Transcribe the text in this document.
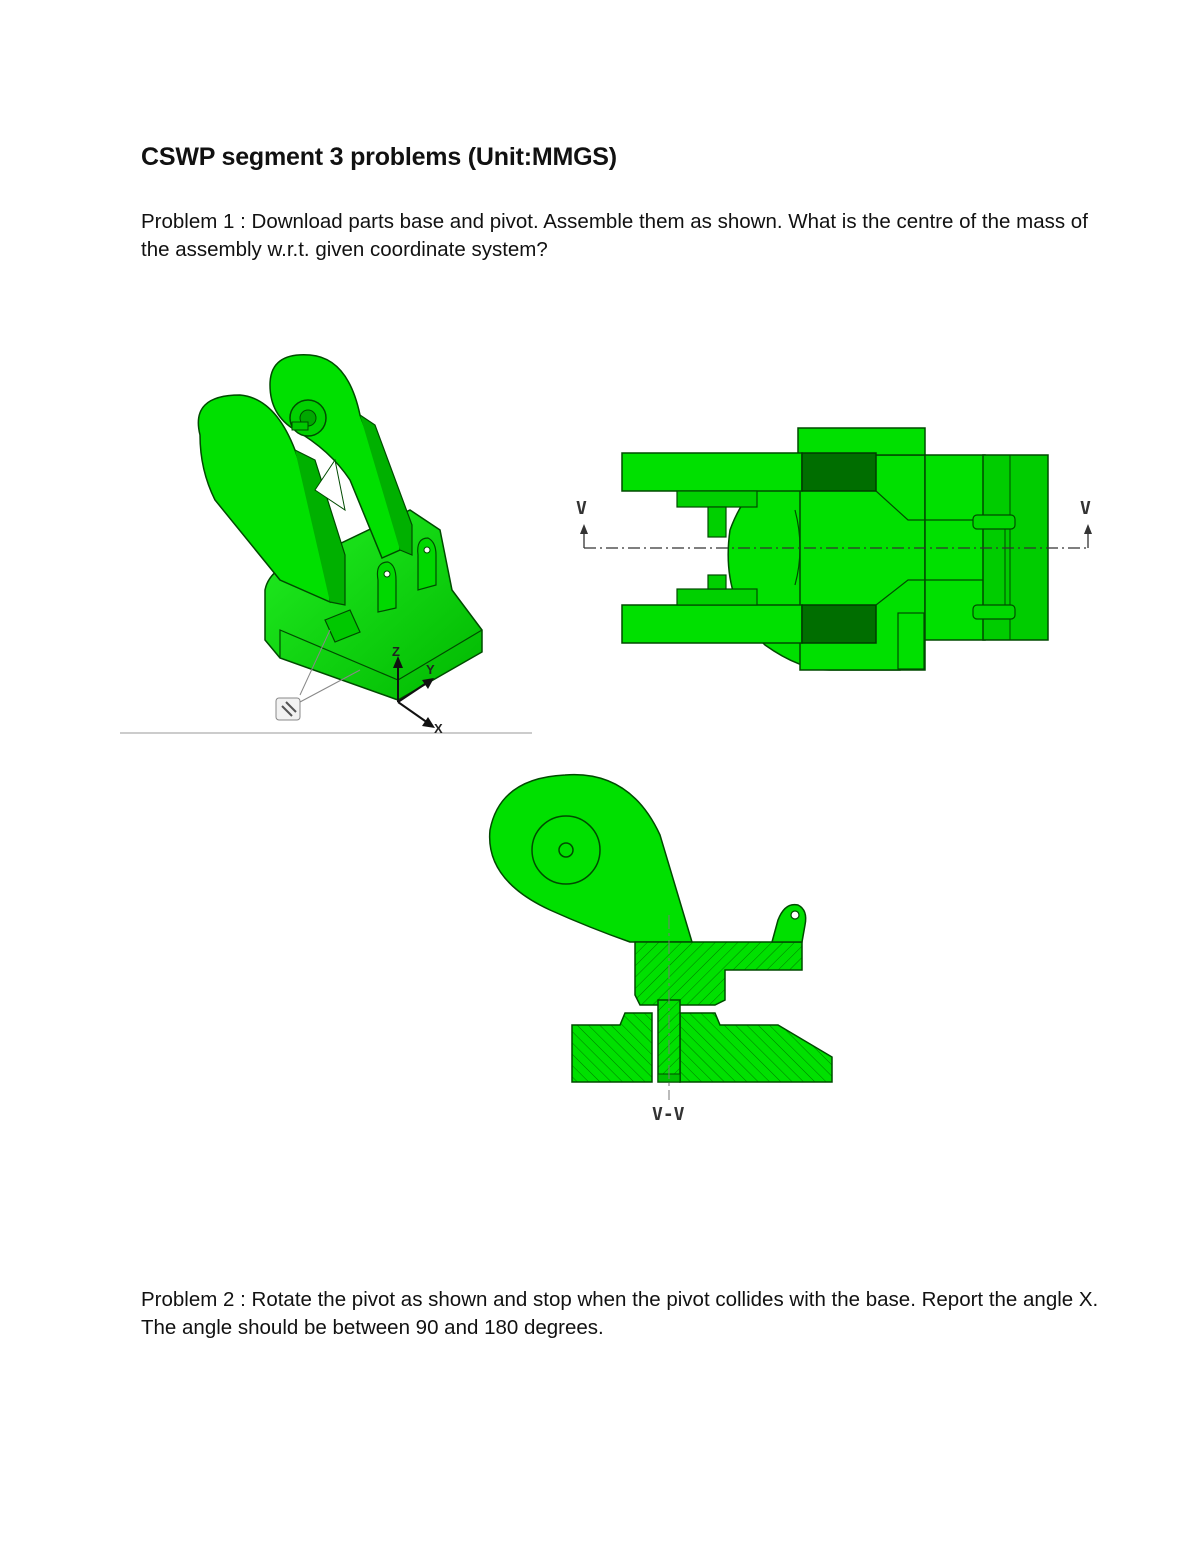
CSWP segment 3 problems (Unit:MMGS)

Problem 1 : Download parts base and pivot. Assemble them as shown. What is the centre of the mass of the assembly w.r.t. given coordinate system?

Z
Y
X
V	V
V-V

Problem 2 : Rotate the pivot as shown and stop when the pivot collides with the base. Report the angle X. The angle should be between 90 and 180 degrees.
